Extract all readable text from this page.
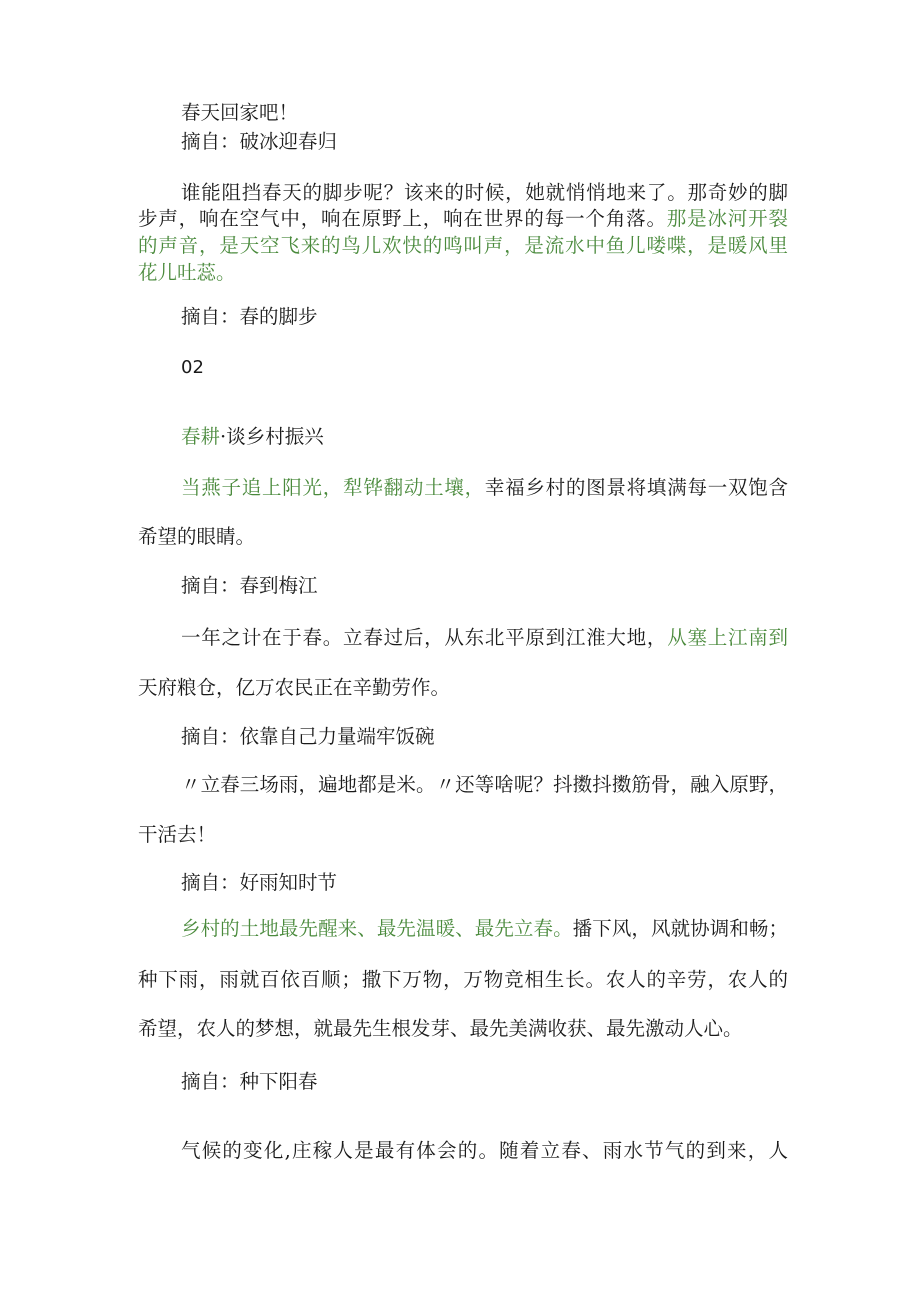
春天回家吧！
摘自：破冰迎春归
谁能阻挡春天的脚步呢？该来的时候，她就悄悄地来了。那奇妙的脚
步声，响在空气中，响在原野上，响在世界的每一个角落。那是冰河开裂
的声音，是天空飞来的鸟儿欢快的鸣叫声，是流水中鱼儿喽喋，是暖风里
花儿吐蕊。
摘自：春的脚步
02
春耕·谈乡村振兴
当燕子追上阳光，犁铧翻动土壤，幸福乡村的图景将填满每一双饱含
希望的眼睛。
摘自：春到梅江
一年之计在于春。立春过后，从东北平原到江淮大地，从塞上江南到
天府粮仓，亿万农民正在辛勤劳作。
摘自：依靠自己力量端牢饭碗
〃立春三场雨，遍地都是米。〃还等啥呢？抖擞抖擞筋骨，融入原野，
干活去！
摘自：好雨知时节
乡村的土地最先醒来、最先温暖、最先立春。播下风，风就协调和畅；
种下雨，雨就百依百顺；撒下万物，万物竞相生长。农人的辛劳，农人的
希望，农人的梦想，就最先生根发芽、最先美满收获、最先激动人心。
摘自：种下阳春
气候的变化,庄稼人是最有体会的。随着立春、雨水节气的到来，人
